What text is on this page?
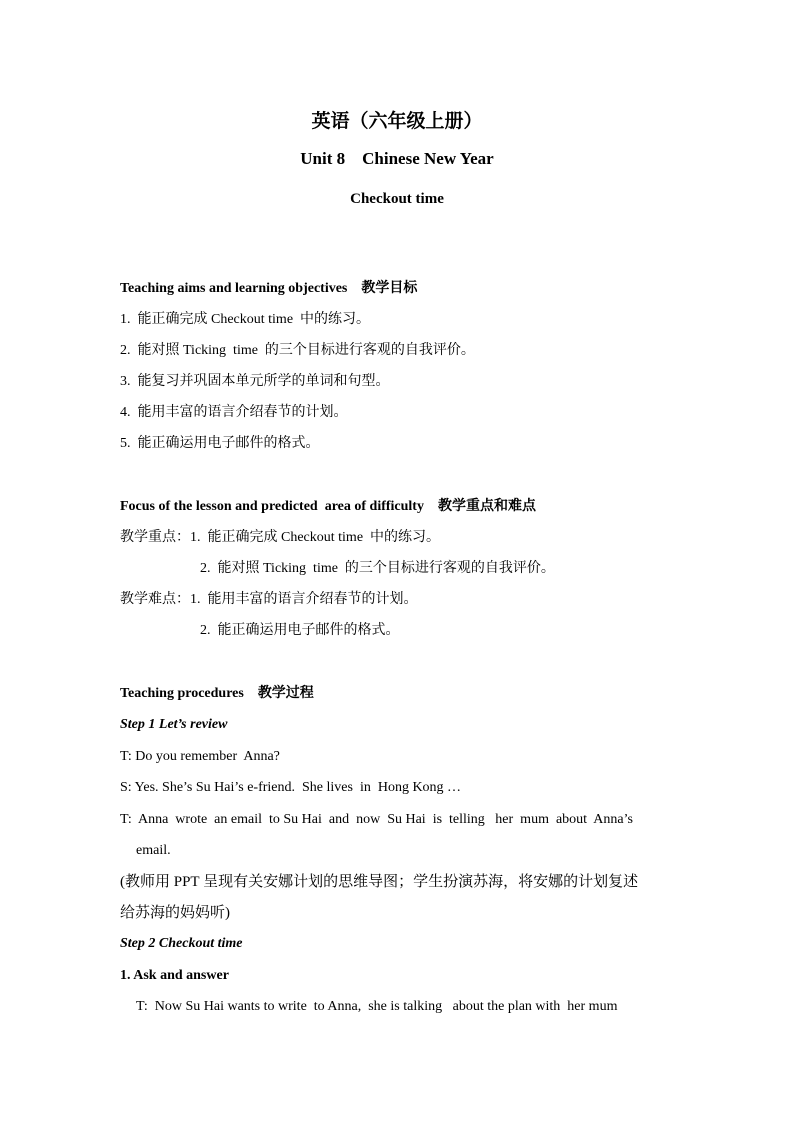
英语（六年级上册）
Unit 8    Chinese New Year
Checkout time
Teaching aims and learning objectives 教学目标
1.  能正确完成 Checkout time  中的练习。
2.  能对照 Ticking  time  的三个目标进行客观的自我评价。
3.  能复习并巩固本单元所学的单词和句型。
4.  能用丰富的语言介绍春节的计划。
5.  能正确运用电子邮件的格式。
Focus of the lesson and predicted  area of difficulty 教学重点和难点
教学重点：1.  能正确完成 Checkout time  中的练习。
2.  能对照 Ticking  time  的三个目标进行客观的自我评价。
教学难点：1.  能用丰富的语言介绍春节的计划。
2.  能正确运用电子邮件的格式。
Teaching procedures 教学过程
Step 1 Let’s review
T: Do you remember  Anna?
S: Yes. She’s Su Hai’s e-friend.  She lives  in  Hong Kong …
T:  Anna  wrote  an email  to Su Hai  and  now  Su Hai  is  telling   her  mum  about  Anna’s
email.
(教师用 PPT 呈现有关安娜计划的思维导图；学生扮演苏海，将安娜的计划复述
给苏海的妈妈听)
Step 2 Checkout time
1. Ask and answer
T:  Now Su Hai wants to write  to Anna,  she is talking   about the plan with  her mum
